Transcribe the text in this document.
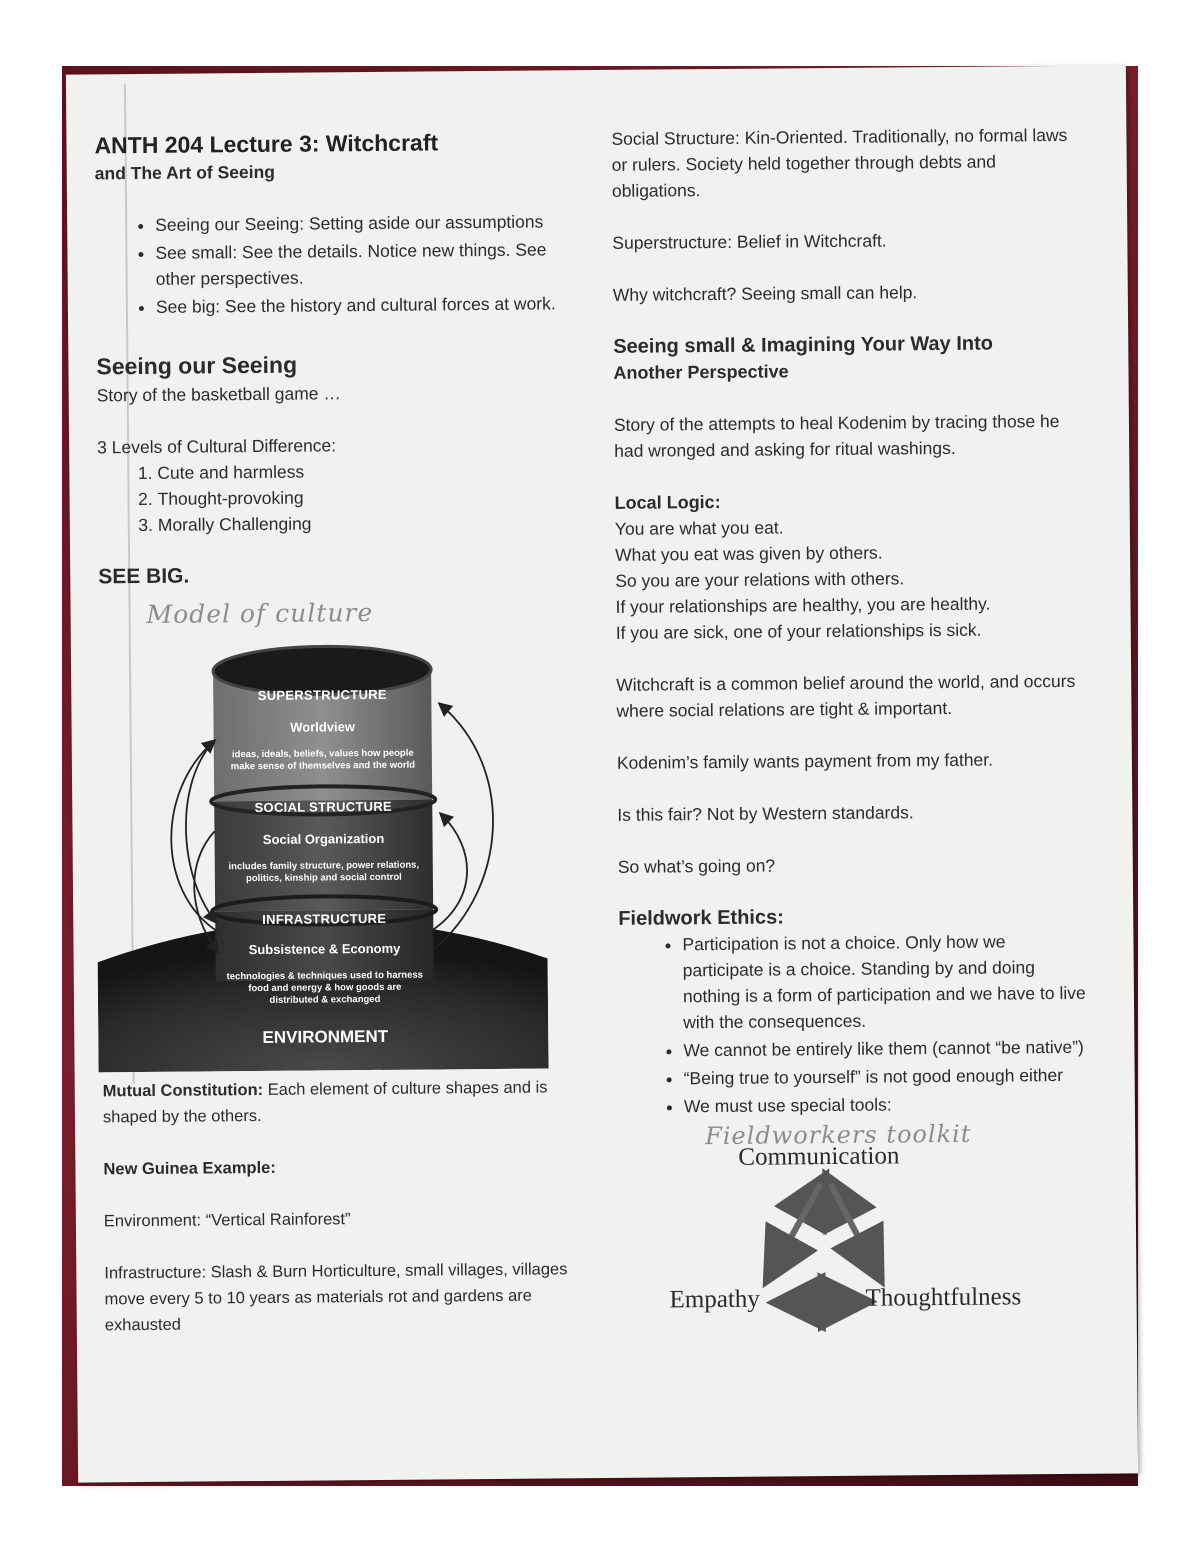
ANTH 204 Lecture 3: Witchcraft
and The Art of Seeing
• Seeing our Seeing: Setting aside our assumptions
• See small: See the details. Notice new things. See other perspectives.
• See big: See the history and cultural forces at work.
Seeing our Seeing
Story of the basketball game …
3 Levels of Cultural Difference:
1. Cute and harmless
2. Thought-provoking
3. Morally Challenging
SEE BIG.
Model of culture
SUPERSTRUCTURE
Worldview
ideas, ideals, beliefs, values how people make sense of themselves and the world
SOCIAL STRUCTURE
Social Organization
includes family structure, power relations, politics, kinship and social control
INFRASTRUCTURE
Subsistence & Economy
technologies & techniques used to harness food and energy & how goods are distributed & exchanged
ENVIRONMENT
Mutual Constitution: Each element of culture shapes and is shaped by the others.
New Guinea Example:
Environment: “Vertical Rainforest”
Infrastructure: Slash & Burn Horticulture, small villages, villages move every 5 to 10 years as materials rot and gardens are exhausted
Social Structure: Kin-Oriented. Traditionally, no formal laws or rulers. Society held together through debts and obligations.
Superstructure: Belief in Witchcraft.
Why witchcraft? Seeing small can help.
Seeing small & Imagining Your Way Into
Another Perspective
Story of the attempts to heal Kodenim by tracing those he had wronged and asking for ritual washings.
Local Logic:
You are what you eat.
What you eat was given by others.
So you are your relations with others.
If your relationships are healthy, you are healthy.
If you are sick, one of your relationships is sick.
Witchcraft is a common belief around the world, and occurs where social relations are tight & important.
Kodenim’s family wants payment from my father.
Is this fair? Not by Western standards.
So what’s going on?
Fieldwork Ethics:
• Participation is not a choice. Only how we participate is a choice. Standing by and doing nothing is a form of participation and we have to live with the consequences.
• We cannot be entirely like them (cannot “be native”)
• “Being true to yourself” is not good enough either
• We must use special tools:
Fieldworkers toolkit
Communication
Empathy	Thoughtfulness
